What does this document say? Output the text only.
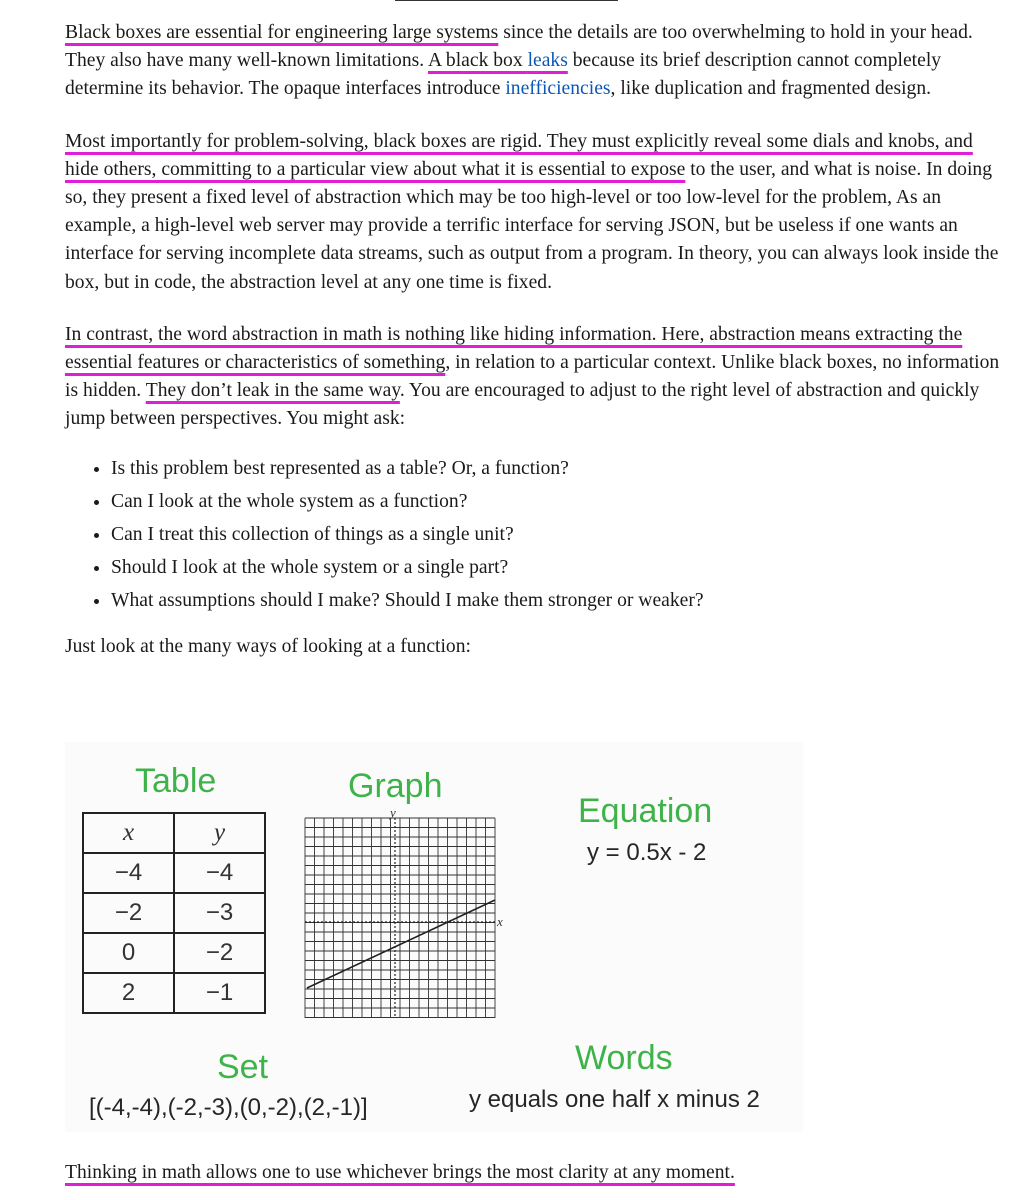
Black boxes are essential for engineering large systems since the details are too overwhelming to hold in your head. They also have many well-known limitations. A black box leaks because its brief description cannot completely determine its behavior. The opaque interfaces introduce inefficiencies, like duplication and fragmented design.

Most importantly for problem-solving, black boxes are rigid. They must explicitly reveal some dials and knobs, and hide others, committing to a particular view about what it is essential to expose to the user, and what is noise. In doing so, they present a fixed level of abstraction which may be too high-level or too low-level for the problem, As an example, a high-level web server may provide a terrific interface for serving JSON, but be useless if one wants an interface for serving incomplete data streams, such as output from a program. In theory, you can always look inside the box, but in code, the abstraction level at any one time is fixed.

In contrast, the word abstraction in math is nothing like hiding information. Here, abstraction means extracting the essential features or characteristics of something, in relation to a particular context. Unlike black boxes, no information is hidden. They don’t leak in the same way. You are encouraged to adjust to the right level of abstraction and quickly jump between perspectives. You might ask:

• Is this problem best represented as a table? Or, a function?
• Can I look at the whole system as a function?
• Can I treat this collection of things as a single unit?
• Should I look at the whole system or a single part?
• What assumptions should I make? Should I make them stronger or weaker?

Just look at the many ways of looking at a function:

Table	Graph
Equation
y = 0.5x - 2
x	y
−4	−4
−2	−3
0	−2
2	−1
y
x
Set
[(-4,-4),(-2,-3),(0,-2),(2,-1)]
Words
y equals one half x minus 2

Thinking in math allows one to use whichever brings the most clarity at any moment.
